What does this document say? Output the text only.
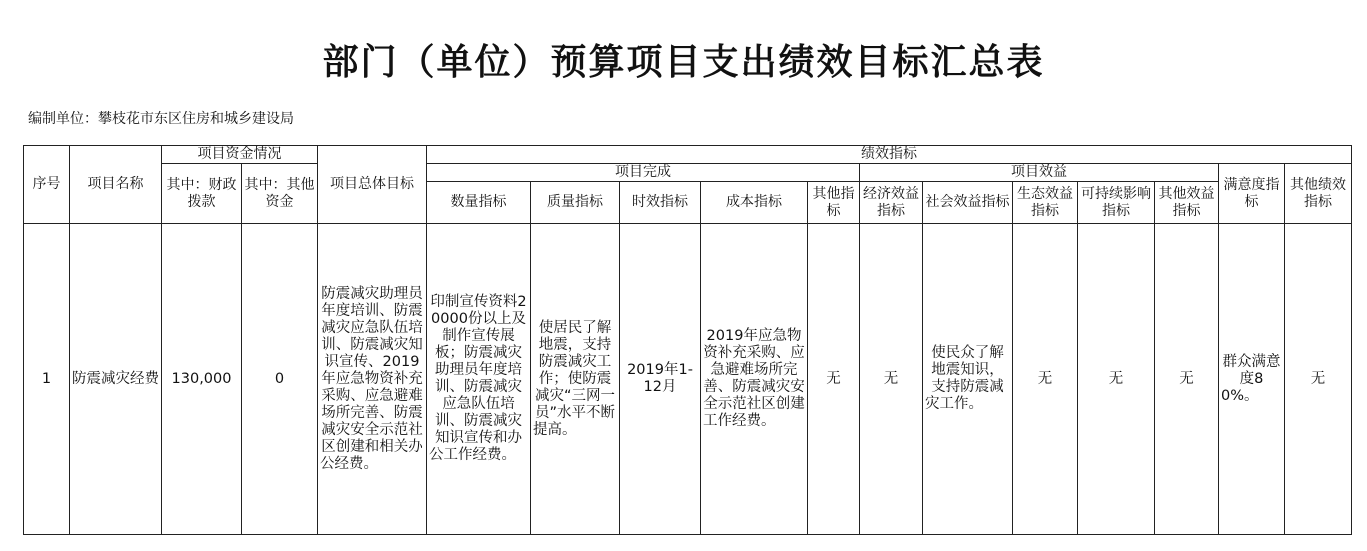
部门（单位）预算项目支出绩效目标汇总表
编制单位：攀枝花市东区住房和城乡建设局
序号	项目名称	项目资金情况		项目总体目标	绩效指标											
		其中：财政拨款	其中：其他资金		项目完成					项目效益					满意度指标	其他绩效指标
					数量指标	质量指标	时效指标	成本指标	其他指标	经济效益指标	社会效益指标	生态效益指标	可持续影响指标	其他效益指标		
1	防震减灾经费	130,000	0	防震减灾助理员年度培训、防震减灾应急队伍培训、防震减灾知识宣传、2019年应急物资补充采购、应急避难场所完善、防震减灾安全示范社区创建和相关办公经费。	印制宣传资料20000份以上及制作宣传展板；防震减灾助理员年度培训、防震减灾应急队伍培训、防震减灾知识宣传和办公工作经费。	使居民了解地震，支持防震减灾工作；使防震减灾“三网一员”水平不断提高。	2019年1-12月	2019年应急物资补充采购、应急避难场所完善、防震减灾安全示范社区创建工作经费。	无	无	使民众了解地震知识，支持防震减灾工作。	无	无	无	群众满意度80%。	无
